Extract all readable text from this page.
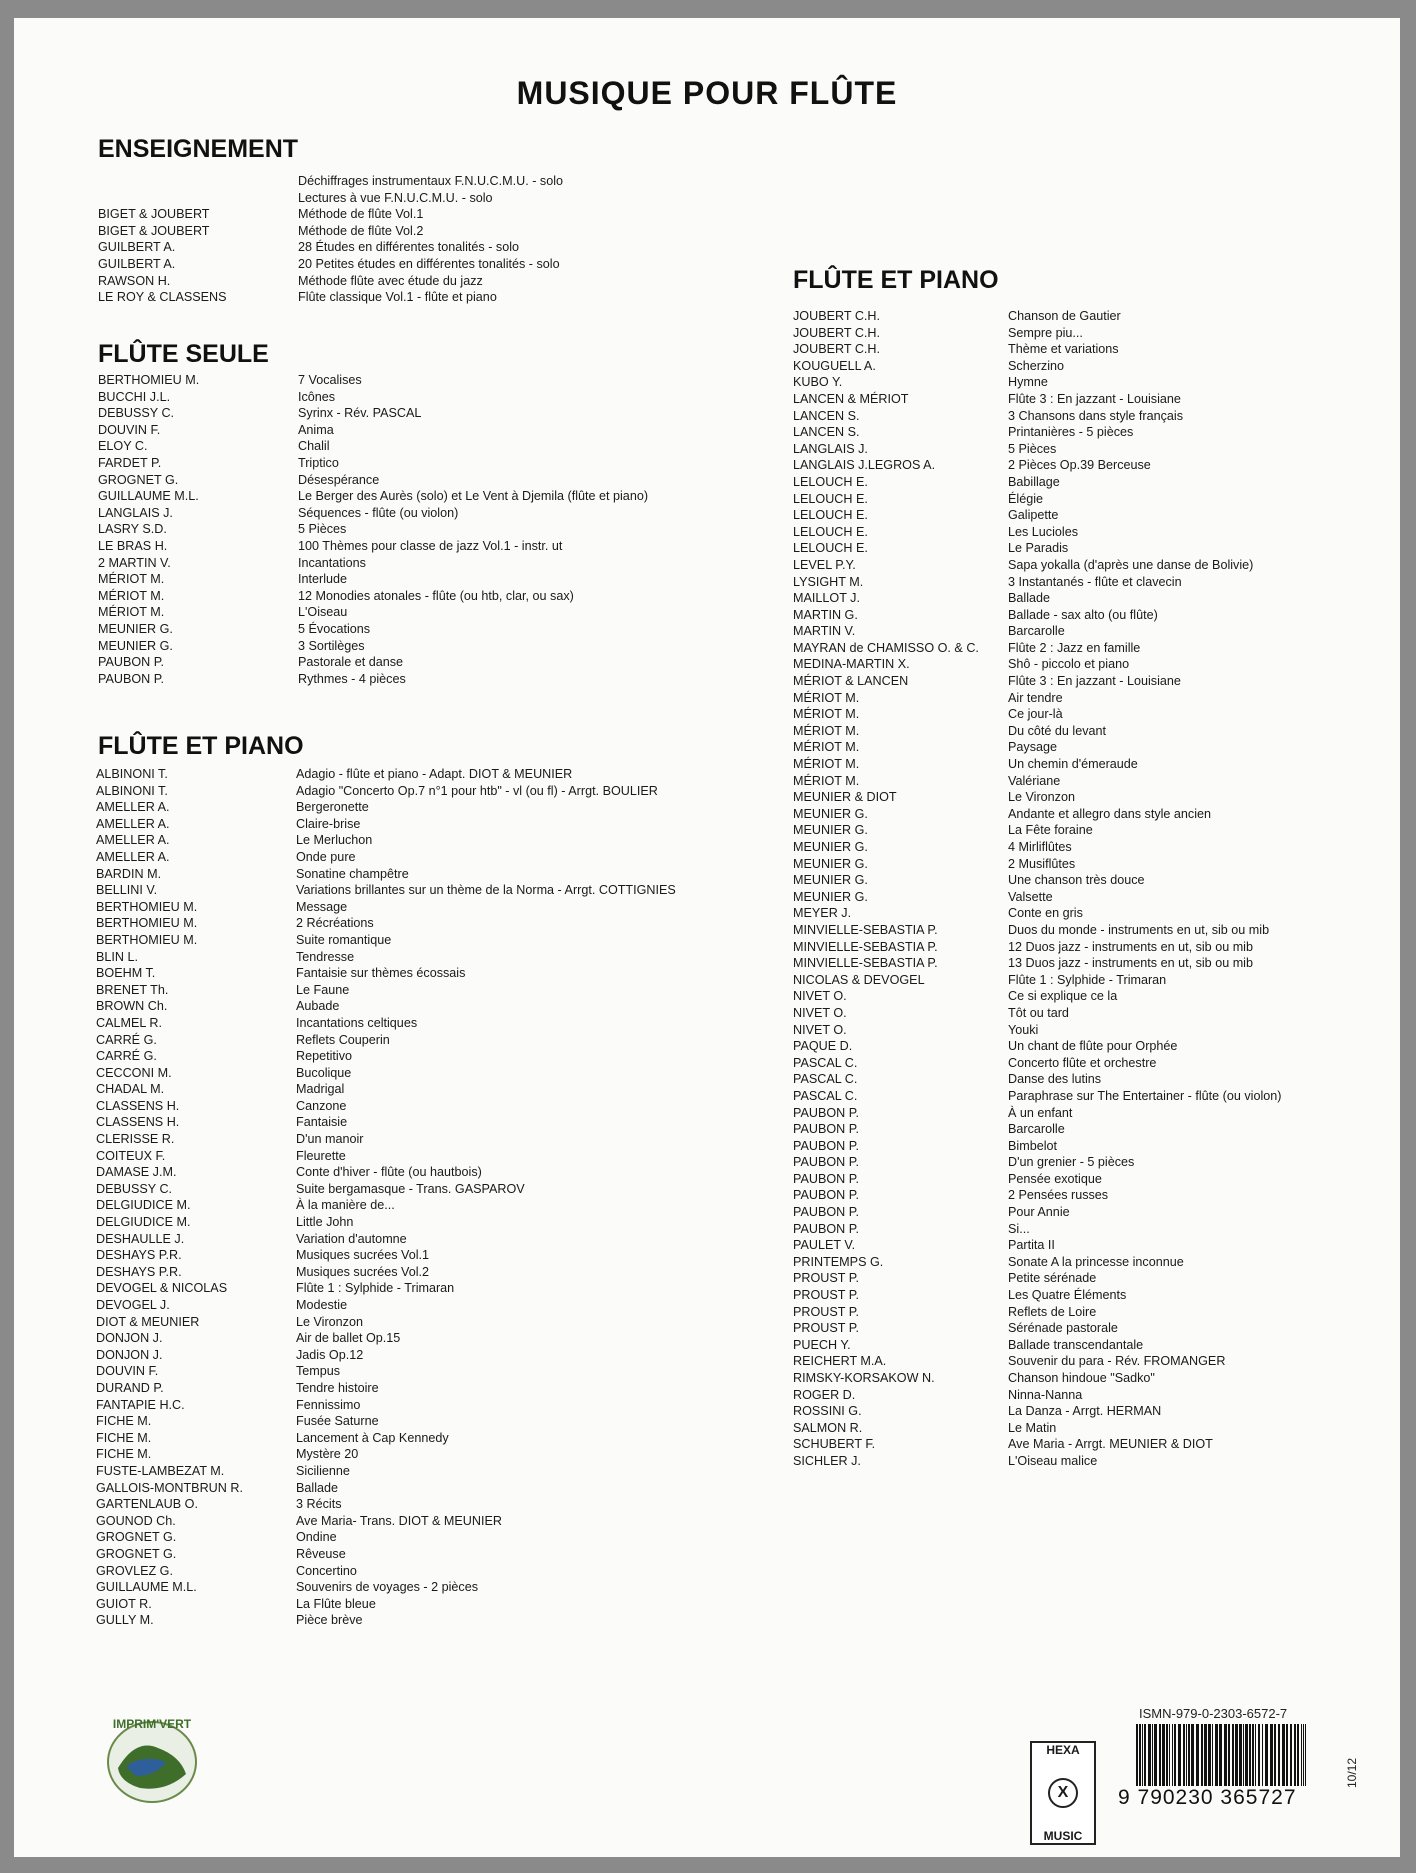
MUSIQUE POUR FLÛTE
ENSEIGNEMENT
Déchiffrages instrumentaux F.N.U.C.M.U. - solo
Lectures à vue F.N.U.C.M.U. - solo
BIGET & JOUBERT	Méthode de flûte Vol.1
BIGET & JOUBERT	Méthode de flûte Vol.2
GUILBERT A.	28 Études en différentes tonalités - solo
GUILBERT A.	20 Petites études en différentes tonalités - solo
RAWSON H.	Méthode flûte avec étude du jazz
LE ROY & CLASSENS	Flûte classique Vol.1 - flûte et piano
FLÛTE SEULE
BERTHOMIEU M.	7 Vocalises
BUCCHI J.L.	Icônes
DEBUSSY C.	Syrinx - Rév. PASCAL
DOUVIN F.	Anima
ELOY C.	Chalil
FARDET P.	Triptico
GROGNET G.	Désespérance
GUILLAUME M.L.	Le Berger des Aurès (solo) et Le Vent à Djemila (flûte et piano)
LANGLAIS J.	Séquences - flûte (ou violon)
LASRY S.D.	5 Pièces
LE BRAS H.	100 Thèmes pour classe de jazz Vol.1 - instr. ut
2 MARTIN V.	Incantations
MÉRIOT M.	Interlude
MÉRIOT M.	12 Monodies atonales - flûte (ou htb, clar, ou sax)
MÉRIOT M.	L'Oiseau
MEUNIER G.	5 Évocations
MEUNIER G.	3 Sortilèges
PAUBON P.	Pastorale et danse
PAUBON P.	Rythmes - 4 pièces
FLÛTE ET PIANO
ALBINONI T.	Adagio - flûte et piano - Adapt. DIOT & MEUNIER
ALBINONI T.	Adagio "Concerto Op.7 n°1 pour htb" - vl (ou fl) - Arrgt. BOULIER
AMELLER A.	Bergeronette
AMELLER A.	Claire-brise
AMELLER A.	Le Merluchon
AMELLER A.	Onde pure
BARDIN M.	Sonatine champêtre
BELLINI V.	Variations brillantes sur un thème de la Norma - Arrgt. COTTIGNIES
BERTHOMIEU M.	Message
BERTHOMIEU M.	2 Récréations
BERTHOMIEU M.	Suite romantique
BLIN L.	Tendresse
BOEHM T.	Fantaisie sur thèmes écossais
BRENET Th.	Le Faune
BROWN Ch.	Aubade
CALMEL R.	Incantations celtiques
CARRÉ G.	Reflets Couperin
CARRÉ G.	Repetitivo
CECCONI M.	Bucolique
CHADAL M.	Madrigal
CLASSENS H.	Canzone
CLASSENS H.	Fantaisie
CLERISSE R.	D'un manoir
COITEUX F.	Fleurette
DAMASE J.M.	Conte d'hiver - flûte (ou hautbois)
DEBUSSY C.	Suite bergamasque - Trans. GASPAROV
DELGIUDICE M.	À la manière de...
DELGIUDICE M.	Little John
DESHAULLE J.	Variation d'automne
DESHAYS P.R.	Musiques sucrées Vol.1
DESHAYS P.R.	Musiques sucrées Vol.2
DEVOGEL & NICOLAS	Flûte 1 : Sylphide - Trimaran
DEVOGEL J.	Modestie
DIOT & MEUNIER	Le Vironzon
DONJON J.	Air de ballet Op.15
DONJON J.	Jadis Op.12
DOUVIN F.	Tempus
DURAND P.	Tendre histoire
FANTAPIE H.C.	Fennissimo
FICHE M.	Fusée Saturne
FICHE M.	Lancement à Cap Kennedy
FICHE M.	Mystère 20
FUSTE-LAMBEZAT M.	Sicilienne
GALLOIS-MONTBRUN R.	Ballade
GARTENLAUB O.	3 Récits
GOUNOD Ch.	Ave Maria- Trans. DIOT & MEUNIER
GROGNET G.	Ondine
GROGNET G.	Rêveuse
GROVLEZ G.	Concertino
GUILLAUME M.L.	Souvenirs de voyages - 2 pièces
GUIOT R.	La Flûte bleue
GULLY M.	Pièce brève
FLÛTE ET PIANO
JOUBERT C.H.	Chanson de Gautier
JOUBERT C.H.	Sempre piu...
JOUBERT C.H.	Thème et variations
KOUGUELL A.	Scherzino
KUBO Y.	Hymne
LANCEN & MÉRIOT	Flûte 3 : En jazzant - Louisiane
LANCEN S.	3 Chansons dans style français
LANCEN S.	Printanières - 5 pièces
LANGLAIS J.	5 Pièces
LANGLAIS J.LEGROS A.	2 Pièces Op.39 Berceuse
LELOUCH E.	Babillage
LELOUCH E.	Élégie
LELOUCH E.	Galipette
LELOUCH E.	Les Lucioles
LELOUCH E.	Le Paradis
LEVEL P.Y.	Sapa yokalla (d'après une danse de Bolivie)
LYSIGHT M.	3 Instantanés - flûte et clavecin
MAILLOT J.	Ballade
MARTIN G.	Ballade - sax alto (ou flûte)
MARTIN V.	Barcarolle
MAYRAN de CHAMISSO O. & C.	Flûte 2 : Jazz en famille
MEDINA-MARTIN X.	Shô - piccolo et piano
MÉRIOT & LANCEN	Flûte 3 : En jazzant - Louisiane
MÉRIOT M.	Air tendre
MÉRIOT M.	Ce jour-là
MÉRIOT M.	Du côté du levant
MÉRIOT M.	Paysage
MÉRIOT M.	Un chemin d'émeraude
MÉRIOT M.	Valériane
MEUNIER & DIOT	Le Vironzon
MEUNIER G.	Andante et allegro dans style ancien
MEUNIER G.	La Fête foraine
MEUNIER G.	4 Mirliflûtes
MEUNIER G.	2 Musiflûtes
MEUNIER G.	Une chanson très douce
MEUNIER G.	Valsette
MEYER J.	Conte en gris
MINVIELLE-SEBASTIA P.	Duos du monde - instruments en ut, sib ou mib
MINVIELLE-SEBASTIA P.	12 Duos jazz - instruments en ut, sib ou mib
MINVIELLE-SEBASTIA P.	13 Duos jazz - instruments en ut, sib ou mib
NICOLAS & DEVOGEL	Flûte 1 : Sylphide - Trimaran
NIVET O.	Ce si explique ce la
NIVET O.	Tôt ou tard
NIVET O.	Youki
PAQUE D.	Un chant de flûte pour Orphée
PASCAL C.	Concerto flûte et orchestre
PASCAL C.	Danse des lutins
PASCAL C.	Paraphrase sur The Entertainer - flûte (ou violon)
PAUBON P.	À un enfant
PAUBON P.	Barcarolle
PAUBON P.	Bimbelot
PAUBON P.	D'un grenier - 5 pièces
PAUBON P.	Pensée exotique
PAUBON P.	2 Pensées russes
PAUBON P.	Pour Annie
PAUBON P.	Si...
PAULET V.	Partita II
PRINTEMPS G.	Sonate A la princesse inconnue
PROUST P.	Petite sérénade
PROUST P.	Les Quatre Éléments
PROUST P.	Reflets de Loire
PROUST P.	Sérénade pastorale
PUECH Y.	Ballade transcendantale
REICHERT M.A.	Souvenir du para - Rév. FROMANGER
RIMSKY-KORSAKOW N.	Chanson hindoue "Sadko"
ROGER D.	Ninna-Nanna
ROSSINI G.	La Danza - Arrgt. HERMAN
SALMON R.	Le Matin
SCHUBERT F.	Ave Maria - Arrgt. MEUNIER & DIOT
SICHLER J.	L'Oiseau malice
IMPRIM'VERT
HEXA
X
MUSIC
ISMN-979-0-2303-6572-7
9 790230 365727
10/12
